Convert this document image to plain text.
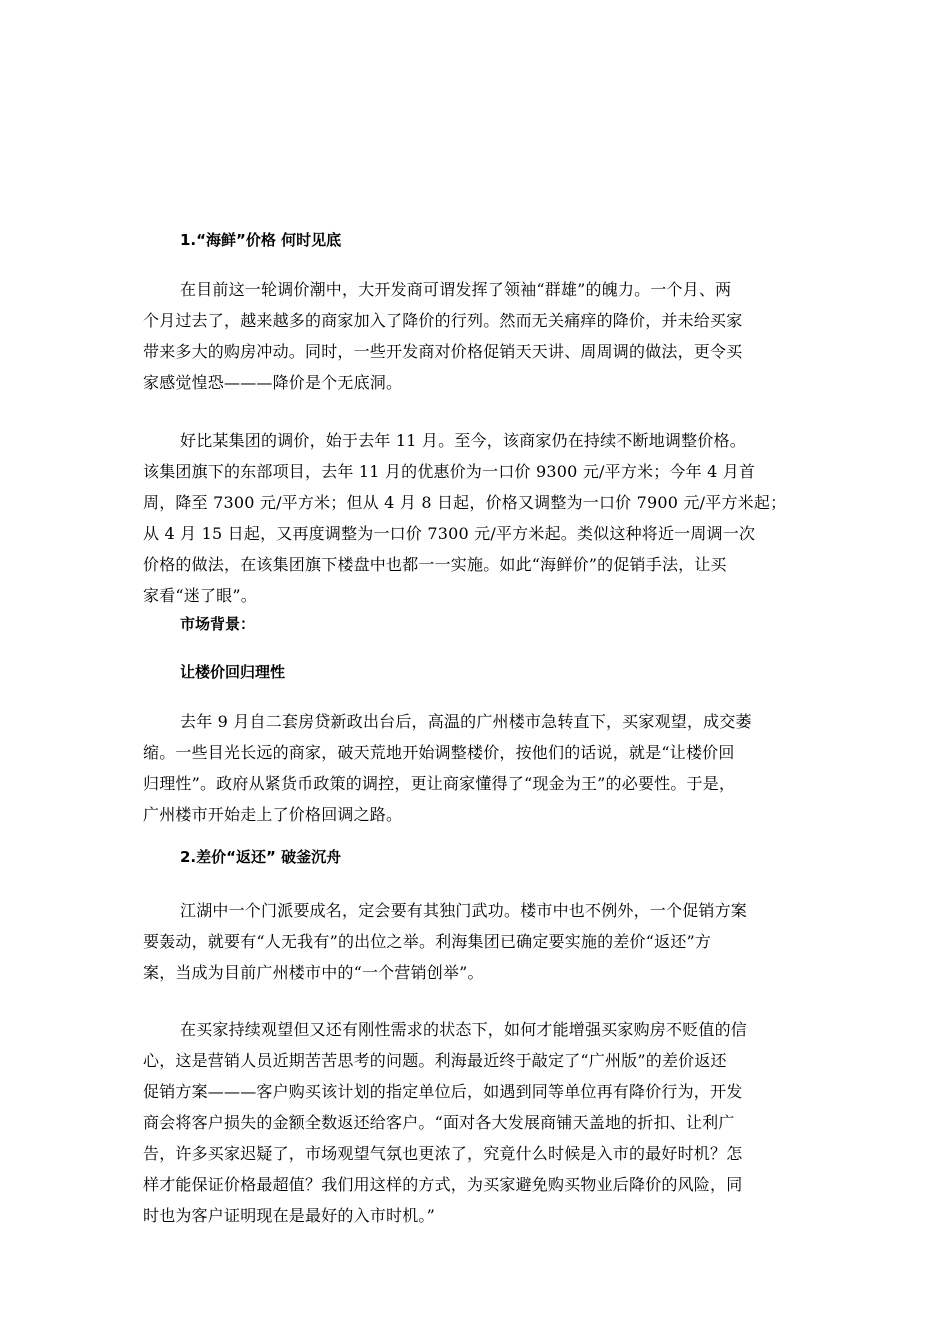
1.“海鲜”价格 何时见底
在目前这一轮调价潮中，大开发商可谓发挥了领袖“群雄”的魄力。一个月、两
个月过去了，越来越多的商家加入了降价的行列。然而无关痛痒的降价，并未给买家
带来多大的购房冲动。同时，一些开发商对价格促销天天讲、周周调的做法，更令买
家感觉惶恐———降价是个无底洞。
好比某集团的调价，始于去年 11 月。至今，该商家仍在持续不断地调整价格。
该集团旗下的东部项目，去年 11 月的优惠价为一口价 9300 元/平方米；今年 4 月首
周，降至 7300 元/平方米；但从 4 月 8 日起，价格又调整为一口价 7900 元/平方米起；
从 4 月 15 日起，又再度调整为一口价 7300 元/平方米起。类似这种将近一周调一次
价格的做法，在该集团旗下楼盘中也都一一实施。如此“海鲜价”的促销手法，让买
家看“迷了眼”。
市场背景：
让楼价回归理性
去年 9 月自二套房贷新政出台后，高温的广州楼市急转直下，买家观望，成交萎
缩。一些目光长远的商家，破天荒地开始调整楼价，按他们的话说，就是“让楼价回
归理性”。政府从紧货币政策的调控，更让商家懂得了“现金为王”的必要性。于是，
广州楼市开始走上了价格回调之路。
2.差价“返还” 破釜沉舟
江湖中一个门派要成名，定会要有其独门武功。楼市中也不例外，一个促销方案
要轰动，就要有“人无我有”的出位之举。利海集团已确定要实施的差价“返还”方
案，当成为目前广州楼市中的“一个营销创举”。
在买家持续观望但又还有刚性需求的状态下，如何才能增强买家购房不贬值的信
心，这是营销人员近期苦苦思考的问题。利海最近终于敲定了“广州版”的差价返还
促销方案———客户购买该计划的指定单位后，如遇到同等单位再有降价行为，开发
商会将客户损失的金额全数返还给客户。“面对各大发展商铺天盖地的折扣、让利广
告，许多买家迟疑了，市场观望气氛也更浓了，究竟什么时候是入市的最好时机？怎
样才能保证价格最超值？我们用这样的方式，为买家避免购买物业后降价的风险，同
时也为客户证明现在是最好的入市时机。”
